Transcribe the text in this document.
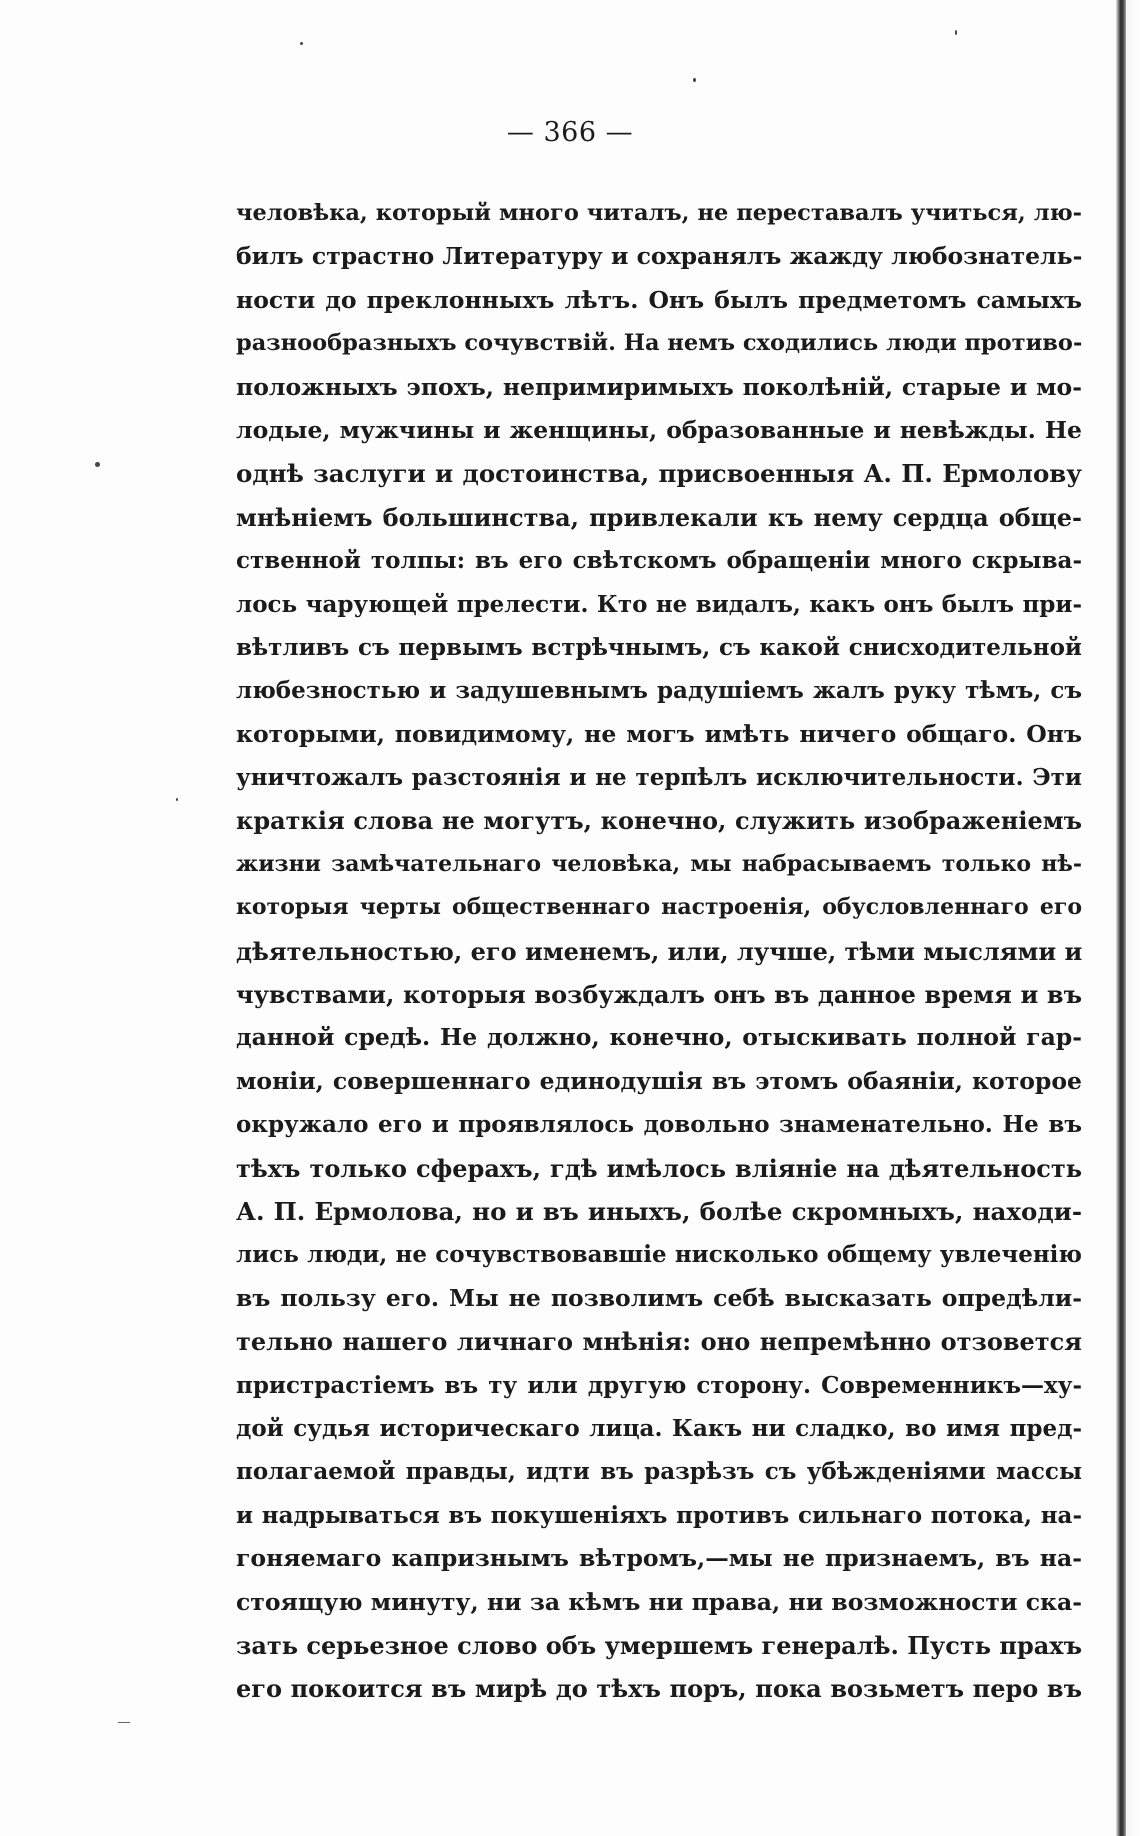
— 366 —
человѣка, который много читалъ, не переставалъ учиться, лю-
билъ страстно Литературу и сохранялъ жажду любознатель-
ности до преклонныхъ лѣтъ. Онъ былъ предметомъ самыхъ
разнообразныхъ сочувствій. На немъ сходились люди противо-
положныхъ эпохъ, непримиримыхъ поколѣній, старые и мо-
лодые, мужчины и женщины, образованные и невѣжды. Не
однѣ заслуги и достоинства, присвоенныя А. П. Ермолову
мнѣніемъ большинства, привлекали къ нему сердца обще-
ственной толпы: въ его свѣтскомъ обращеніи много скрыва-
лось чарующей прелести. Кто не видалъ, какъ онъ былъ при-
вѣтливъ съ первымъ встрѣчнымъ, съ какой снисходительной
любезностью и задушевнымъ радушіемъ жалъ руку тѣмъ, съ
которыми, повидимому, не могъ имѣть ничего общаго. Онъ
уничтожалъ разстоянія и не терпѣлъ исключительности. Эти
краткія слова не могутъ, конечно, служить изображеніемъ
жизни замѣчательнаго человѣка, мы набрасываемъ только нѣ-
которыя черты общественнаго настроенія, обусловленнаго его
дѣятельностью, его именемъ, или, лучше, тѣми мыслями и
чувствами, которыя возбуждалъ онъ въ данное время и въ
данной средѣ. Не должно, конечно, отыскивать полной гар-
моніи, совершеннаго единодушія въ этомъ обаяніи, которое
окружало его и проявлялось довольно знаменательно. Не въ
тѣхъ только сферахъ, гдѣ имѣлось вліяніе на дѣятельность
А. П. Ермолова, но и въ иныхъ, болѣе скромныхъ, находи-
лись люди, не сочувствовавшіе нисколько общему увлеченію
въ пользу его. Мы не позволимъ себѣ высказать опредѣли-
тельно нашего личнаго мнѣнія: оно непремѣнно отзовется
пристрастіемъ въ ту или другую сторону. Современникъ—ху-
дой судья историческаго лица. Какъ ни сладко, во имя пред-
полагаемой правды, идти въ разрѣзъ съ убѣжденіями массы
и надрываться въ покушеніяхъ противъ сильнаго потока, на-
гоняемаго капризнымъ вѣтромъ,—мы не признаемъ, въ на-
стоящую минуту, ни за кѣмъ ни права, ни возможности ска-
зать серьезное слово объ умершемъ генералѣ. Пусть прахъ
его покоится въ мирѣ до тѣхъ поръ, пока возьметъ перо въ
